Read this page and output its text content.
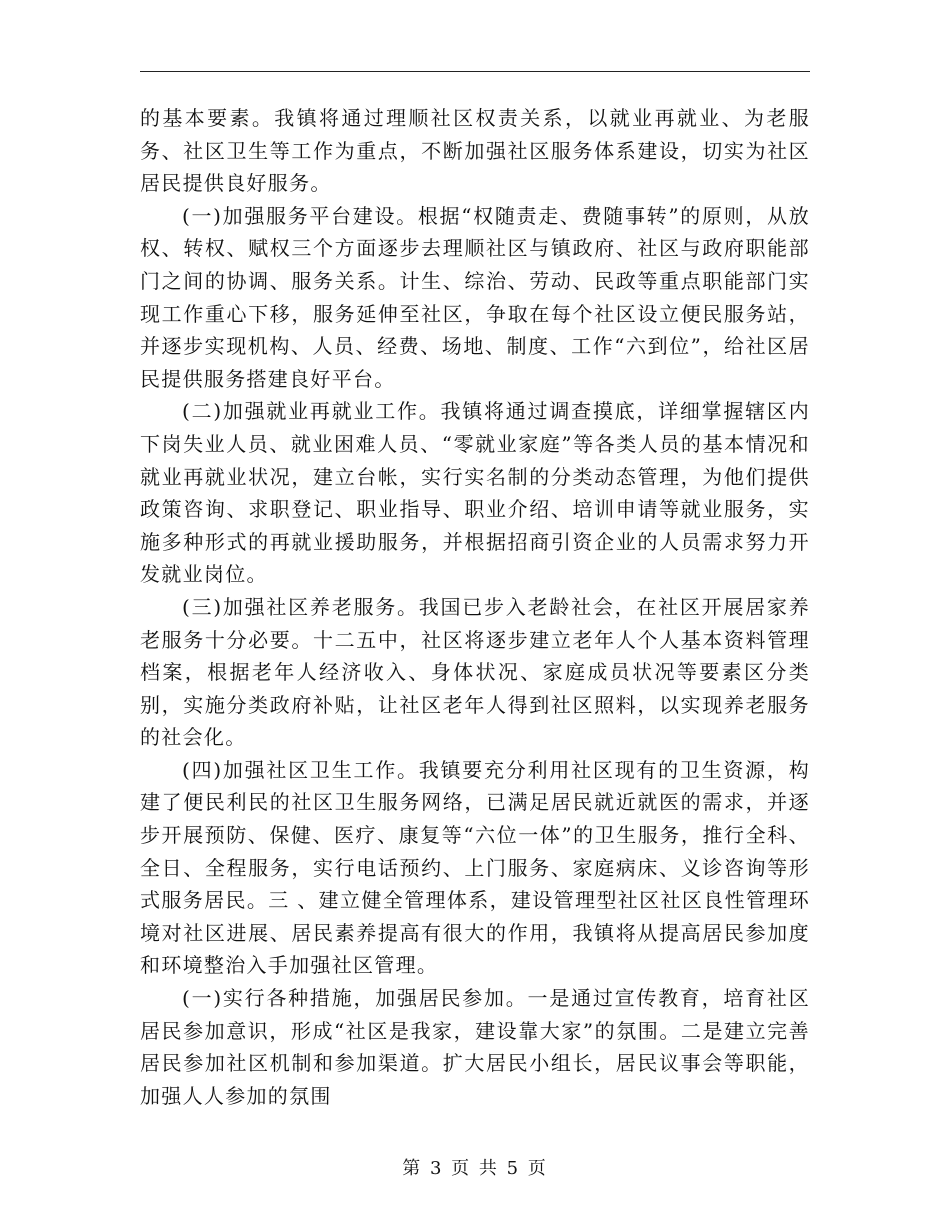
的基本要素。我镇将通过理顺社区权责关系，以就业再就业、为老服务、社区卫生等工作为重点，不断加强社区服务体系建设，切实为社区居民提供良好服务。

(一)加强服务平台建设。根据“权随责走、费随事转”的原则，从放权、转权、赋权三个方面逐步去理顺社区与镇政府、社区与政府职能部门之间的协调、服务关系。计生、综治、劳动、民政等重点职能部门实现工作重心下移，服务延伸至社区，争取在每个社区设立便民服务站，并逐步实现机构、人员、经费、场地、制度、工作“六到位”，给社区居民提供服务搭建良好平台。

(二)加强就业再就业工作。我镇将通过调查摸底，详细掌握辖区内下岗失业人员、就业困难人员、“零就业家庭”等各类人员的基本情况和就业再就业状况，建立台帐，实行实名制的分类动态管理，为他们提供政策咨询、求职登记、职业指导、职业介绍、培训申请等就业服务，实施多种形式的再就业援助服务，并根据招商引资企业的人员需求努力开发就业岗位。

(三)加强社区养老服务。我国已步入老龄社会，在社区开展居家养老服务十分必要。十二五中，社区将逐步建立老年人个人基本资料管理档案，根据老年人经济收入、身体状况、家庭成员状况等要素区分类别，实施分类政府补贴，让社区老年人得到社区照料，以实现养老服务的社会化。

(四)加强社区卫生工作。我镇要充分利用社区现有的卫生资源，构建了便民利民的社区卫生服务网络，已满足居民就近就医的需求，并逐步开展预防、保健、医疗、康复等“六位一体”的卫生服务，推行全科、全日、全程服务，实行电话预约、上门服务、家庭病床、义诊咨询等形式服务居民。三 、建立健全管理体系，建设管理型社区社区良性管理环境对社区进展、居民素养提高有很大的作用，我镇将从提高居民参加度和环境整治入手加强社区管理。

(一)实行各种措施，加强居民参加。一是通过宣传教育，培育社区居民参加意识，形成“社区是我家，建设靠大家”的氛围。二是建立完善居民参加社区机制和参加渠道。扩大居民小组长，居民议事会等职能，加强人人参加的氛围

第 3 页 共 5 页
